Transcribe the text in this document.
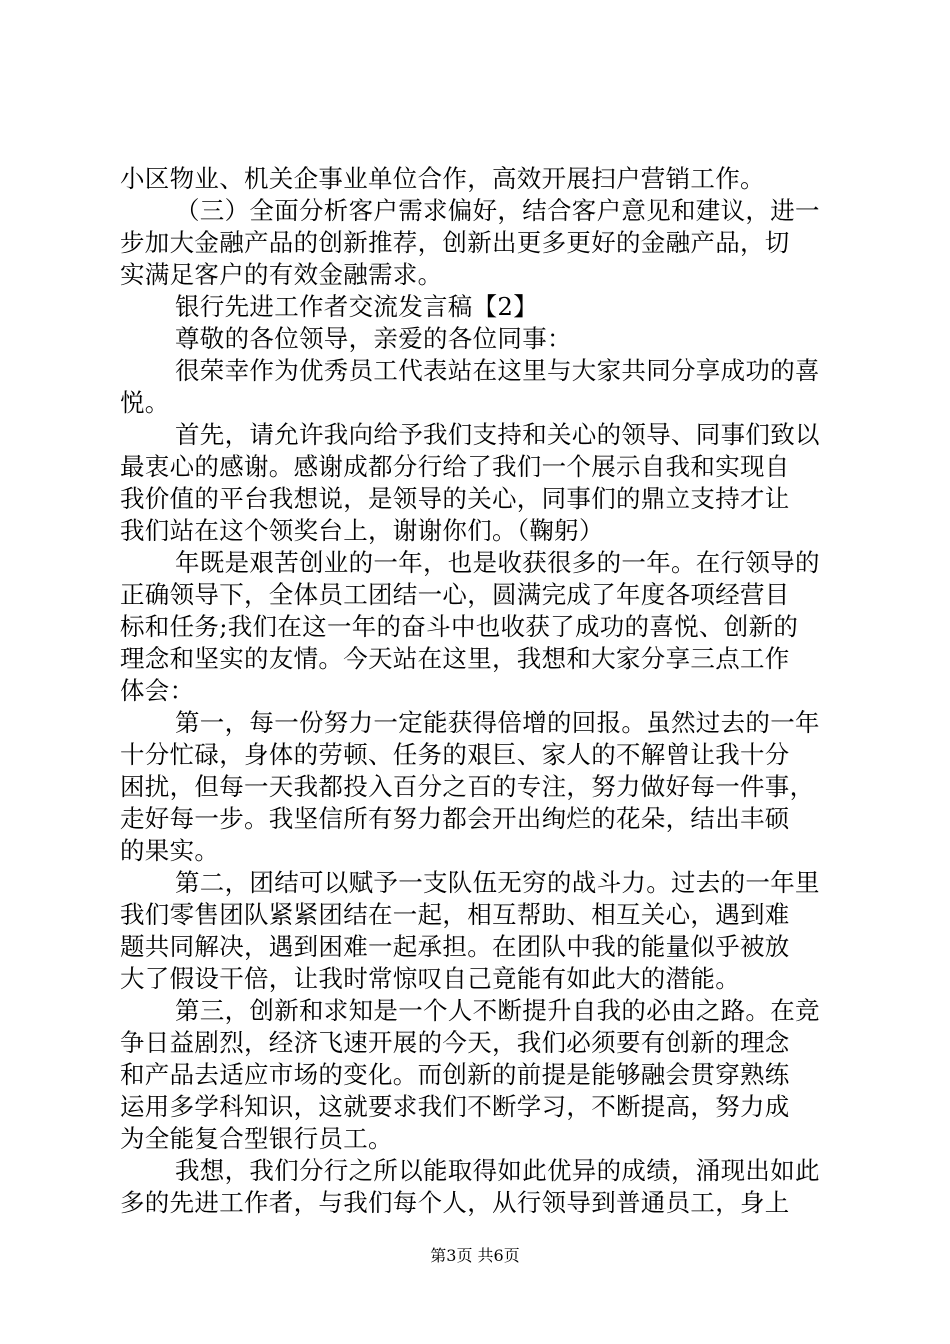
小区物业、机关企事业单位合作，高效开展扫户营销工作。
（三）全面分析客户需求偏好，结合客户意见和建议，进一
步加大金融产品的创新推荐，创新出更多更好的金融产品，切
实满足客户的有效金融需求。
银行先进工作者交流发言稿【2】
尊敬的各位领导，亲爱的各位同事：
很荣幸作为优秀员工代表站在这里与大家共同分享成功的喜
悦。
首先，请允许我向给予我们支持和关心的领导、同事们致以
最衷心的感谢。感谢成都分行给了我们一个展示自我和实现自
我价值的平台我想说，是领导的关心，同事们的鼎立支持才让
我们站在这个领奖台上，谢谢你们。（鞠躬）
年既是艰苦创业的一年，也是收获很多的一年。在行领导的
正确领导下，全体员工团结一心，圆满完成了年度各项经营目
标和任务;我们在这一年的奋斗中也收获了成功的喜悦、创新的
理念和坚实的友情。今天站在这里，我想和大家分享三点工作
体会：
第一，每一份努力一定能获得倍增的回报。虽然过去的一年
十分忙碌，身体的劳顿、任务的艰巨、家人的不解曾让我十分
困扰，但每一天我都投入百分之百的专注，努力做好每一件事，
走好每一步。我坚信所有努力都会开出绚烂的花朵，结出丰硕
的果实。
第二，团结可以赋予一支队伍无穷的战斗力。过去的一年里
我们零售团队紧紧团结在一起，相互帮助、相互关心，遇到难
题共同解决，遇到困难一起承担。在团队中我的能量似乎被放
大了假设干倍，让我时常惊叹自己竟能有如此大的潜能。
第三，创新和求知是一个人不断提升自我的必由之路。在竞
争日益剧烈，经济飞速开展的今天，我们必须要有创新的理念
和产品去适应市场的变化。而创新的前提是能够融会贯穿熟练
运用多学科知识，这就要求我们不断学习，不断提高，努力成
为全能复合型银行员工。
我想，我们分行之所以能取得如此优异的成绩，涌现出如此
多的先进工作者，与我们每个人，从行领导到普通员工，身上
第3页 共6页
